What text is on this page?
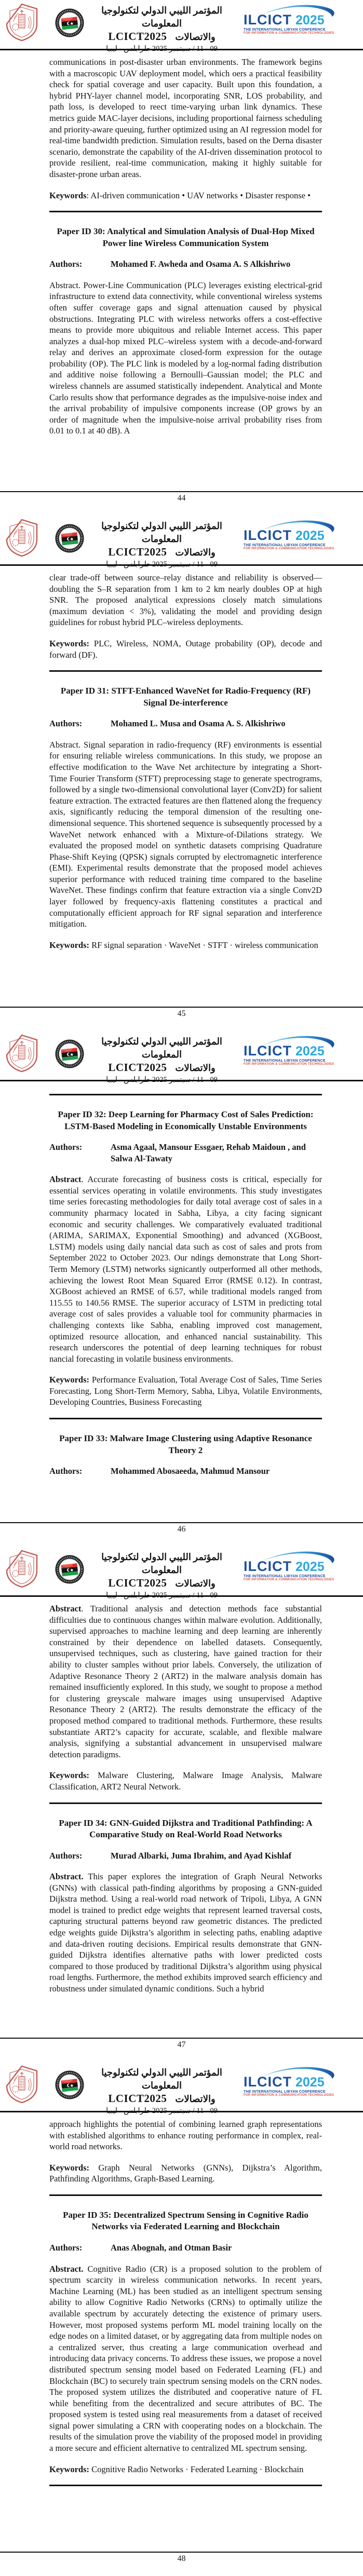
المؤتمر الليبي الدولي لتكنولوجيا المعلومات
LCICT2025 والاتصالات
09 - 11 / سبتمبر 2025 طرابلس - ليبيا
ILCICT 2025
THE INTERNATIONAL LIBYAN CONFERENCE
FOR INFORMATION & COMMUNICATION TECHNOLOGIES

communications in post-disaster urban environments. The framework begins with a macroscopic UAV deployment model, which oers a practical feasibility check for spatial coverage and user capacity. Built upon this foundation, a hybrid PHY-layer channel model, incorporating SNR, LOS probability, and path loss, is developed to reect time-varying urban link dynamics. These metrics guide MAC-layer decisions, including proportional fairness scheduling and priority-aware queuing, further optimized using an AI regression model for real-time bandwidth prediction. Simulation results, based on the Derna disaster scenario, demonstrate the capability of the AI-driven dissemination protocol to provide resilient, real-time communication, making it highly suitable for disaster-prone urban areas.

Keywords: AI-driven communication • UAV networks • Disaster response •

Paper ID 30: Analytical and Simulation Analysis of Dual-Hop Mixed Power line Wireless Communication System
Authors:	Mohamed F. Awheda and Osama A. S Alkishriwo

Abstract. Power-Line Communication (PLC) leverages existing electrical-grid infrastructure to extend data connectivity, while conventional wireless systems often suffer coverage gaps and signal attenuation caused by physical obstructions. Integrating PLC with wireless networks offers a cost-effective means to provide more ubiquitous and reliable Internet access. This paper analyzes a dual-hop mixed PLC–wireless system with a decode-and-forward relay and derives an approximate closed-form expression for the outage probability (OP). The PLC link is modeled by a log-normal fading distribution and additive noise following a Bernoulli–Gaussian model; the PLC and wireless channels are assumed statistically independent. Analytical and Monte Carlo results show that performance degrades as the impulsive-noise index and the arrival probability of impulsive components increase (OP grows by an order of magnitude when the impulsive-noise arrival probability rises from 0.01 to 0.1 at 40 dB). A

44
المؤتمر الليبي الدولي لتكنولوجيا المعلومات
LCICT2025 والاتصالات
09 - 11 / سبتمبر 2025 طرابلس - ليبيا
ILCICT 2025
THE INTERNATIONAL LIBYAN CONFERENCE
FOR INFORMATION & COMMUNICATION TECHNOLOGIES

clear trade-off between source–relay distance and reliability is observed—doubling the S–R separation from 1 km to 2 km nearly doubles OP at high SNR. The proposed analytical expressions closely match simulations (maximum deviation < 3%), validating the model and providing design guidelines for robust hybrid PLC–wireless deployments.

Keywords: PLC, Wireless, NOMA, Outage probability (OP), decode and forward (DF).

Paper ID 31: STFT-Enhanced WaveNet for Radio-Frequency (RF) Signal De-interference
Authors:	Mohamed L. Musa and Osama A. S. Alkishriwo

Abstract. Signal separation in radio-frequency (RF) environments is essential for ensuring reliable wireless communications. In this study, we propose an effective modification to the Wave Net architecture by integrating a Short-Time Fourier Transform (STFT) preprocessing stage to generate spectrograms, followed by a single two-dimensional convolutional layer (Conv2D) for salient feature extraction. The extracted features are then flattened along the frequency axis, significantly reducing the temporal dimension of the resulting one-dimensional sequence. This shortened sequence is subsequently processed by a WaveNet network enhanced with a Mixture-of-Dilations strategy. We evaluated the proposed model on synthetic datasets comprising Quadrature Phase-Shift Keying (QPSK) signals corrupted by electromagnetic interference (EMI). Experimental results demonstrate that the proposed model achieves superior performance with reduced training time compared to the baseline WaveNet. These findings confirm that feature extraction via a single Conv2D layer followed by frequency-axis flattening constitutes a practical and computationally efficient approach for RF signal separation and interference mitigation.

Keywords: RF signal separation · WaveNet · STFT · wireless communication

45
المؤتمر الليبي الدولي لتكنولوجيا المعلومات
LCICT2025 والاتصالات
09 - 11 / سبتمبر 2025 طرابلس - ليبيا
ILCICT 2025
THE INTERNATIONAL LIBYAN CONFERENCE
FOR INFORMATION & COMMUNICATION TECHNOLOGIES
Paper ID 32: Deep Learning for Pharmacy Cost of Sales Prediction: LSTM-Based Modeling in Economically Unstable Environments
Authors:	Asma Agaal, Mansour Essgaer, Rehab Maidoun , and Salwa Al-Tawaty

Abstract. Accurate forecasting of business costs is critical, especially for essential services operating in volatile environments. This study investigates time series forecasting methodologies for daily total average cost of sales in a community pharmacy located in Sabha, Libya, a city facing signicant economic and security challenges. We comparatively evaluated traditional (ARIMA, SARIMAX, Exponential Smoothing) and advanced (XGBoost, LSTM) models using daily nancial data such as cost of sales and prots from September 2022 to October 2023. Our ndings demonstrate that Long Short-Term Memory (LSTM) networks signicantly outperformed all other methods, achieving the lowest Root Mean Squared Error (RMSE 0.12). In contrast, XGBoost achieved an RMSE of 6.57, while traditional models ranged from 115.55 to 140.56 RMSE. The superior accuracy of LSTM in predicting total average cost of sales provides a valuable tool for community pharmacies in challenging contexts like Sabha, enabling improved cost management, optimized resource allocation, and enhanced nancial sustainability. This research underscores the potential of deep learning techniques for robust nancial forecasting in volatile business environments.

Keywords: Performance Evaluation, Total Average Cost of Sales, Time Series Forecasting, Long Short-Term Memory, Sabha, Libya, Volatile Environments, Developing Countries, Business Forecasting

Paper ID 33: Malware Image Clustering using Adaptive Resonance Theory 2
Authors:	Mohammed Abosaeeda, Mahmud Mansour
46
المؤتمر الليبي الدولي لتكنولوجيا المعلومات
LCICT2025 والاتصالات
09 - 11 / سبتمبر 2025 طرابلس - ليبيا
ILCICT 2025
THE INTERNATIONAL LIBYAN CONFERENCE
FOR INFORMATION & COMMUNICATION TECHNOLOGIES

Abstract. Traditional analysis and detection methods face substantial difficulties due to continuous changes within malware evolution. Additionally, supervised approaches to machine learning and deep learning are inherently constrained by their dependence on labelled datasets. Consequently, unsupervised techniques, such as clustering, have gained traction for their ability to cluster samples without prior labels. Conversely, the utilization of Adaptive Resonance Theory 2 (ART2) in the malware analysis domain has remained insufficiently explored. In this study, we sought to propose a method for clustering greyscale malware images using unsupervised Adaptive Resonance Theory 2 (ART2). The results demonstrate the efficacy of the proposed method compared to traditional methods. Furthermore, these results substantiate ART2’s capacity for accurate, scalable, and flexible malware analysis, signifying a substantial advancement in unsupervised malware detection paradigms.

Keywords: Malware Clustering, Malware Image Analysis, Malware Classification, ART2 Neural Network.

Paper ID 34: GNN-Guided Dijkstra and Traditional Pathfinding: A Comparative Study on Real-World Road Networks
Authors:	Murad Albarki, Juma Ibrahim, and Ayad Kishlaf

Abstract. This paper explores the integration of Graph Neural Networks (GNNs) with classical path-finding algorithms by proposing a GNN-guided Dijkstra method. Using a real-world road network of Tripoli, Libya, A GNN model is trained to predict edge weights that represent learned traversal costs, capturing structural patterns beyond raw geometric distances. The predicted edge weights guide Dijkstra’s algorithm in selecting paths, enabling adaptive and data-driven routing decisions. Empirical results demonstrate that GNN-guided Dijkstra identifies alternative paths with lower predicted costs compared to those produced by traditional Dijkstra’s algorithm using physical road lengths. Furthermore, the method exhibits improved search efficiency and robustness under simulated dynamic conditions. Such a hybrid

47
المؤتمر الليبي الدولي لتكنولوجيا المعلومات
LCICT2025 والاتصالات
09 - 11 / سبتمبر 2025 طرابلس - ليبيا
ILCICT 2025
THE INTERNATIONAL LIBYAN CONFERENCE
FOR INFORMATION & COMMUNICATION TECHNOLOGIES

approach highlights the potential of combining learned graph representations with established algorithms to enhance routing performance in complex, real-world road networks.

Keywords: Graph Neural Networks (GNNs), Dijkstra’s Algorithm, Pathfinding Algorithms, Graph-Based Learning.

Paper ID 35: Decentralized Spectrum Sensing in Cognitive Radio Networks via Federated Learning and Blockchain
Authors:	Anas Abognah, and Otman Basir

Abstract. Cognitive Radio (CR) is a proposed solution to the problem of spectrum scarcity in wireless communication networks. In recent years, Machine Learning (ML) has been studied as an intelligent spectrum sensing ability to allow Cognitive Radio Networks (CRNs) to optimally utilize the available spectrum by accurately detecting the existence of primary users. However, most proposed systems perform ML model training locally on the edge nodes on a limited dataset, or by aggregating data from multiple nodes on a centralized server, thus creating a large communication overhead and introducing data privacy concerns. To address these issues, we propose a novel distributed spectrum sensing model based on Federated Learning (FL) and Blockchain (BC) to securely train spectrum sensing models on the CRN nodes. The proposed system utilizes the distributed and cooperative nature of FL while benefiting from the decentralized and secure attributes of BC. The proposed system is tested using real measurements from a dataset of received signal power simulating a CRN with cooperating nodes on a blockchain. The results of the simulation prove the viability of the proposed model in providing a more secure and efficient alternative to centralized ML spectrum sensing.

Keywords: Cognitive Radio Networks · Federated Learning · Blockchain

48
